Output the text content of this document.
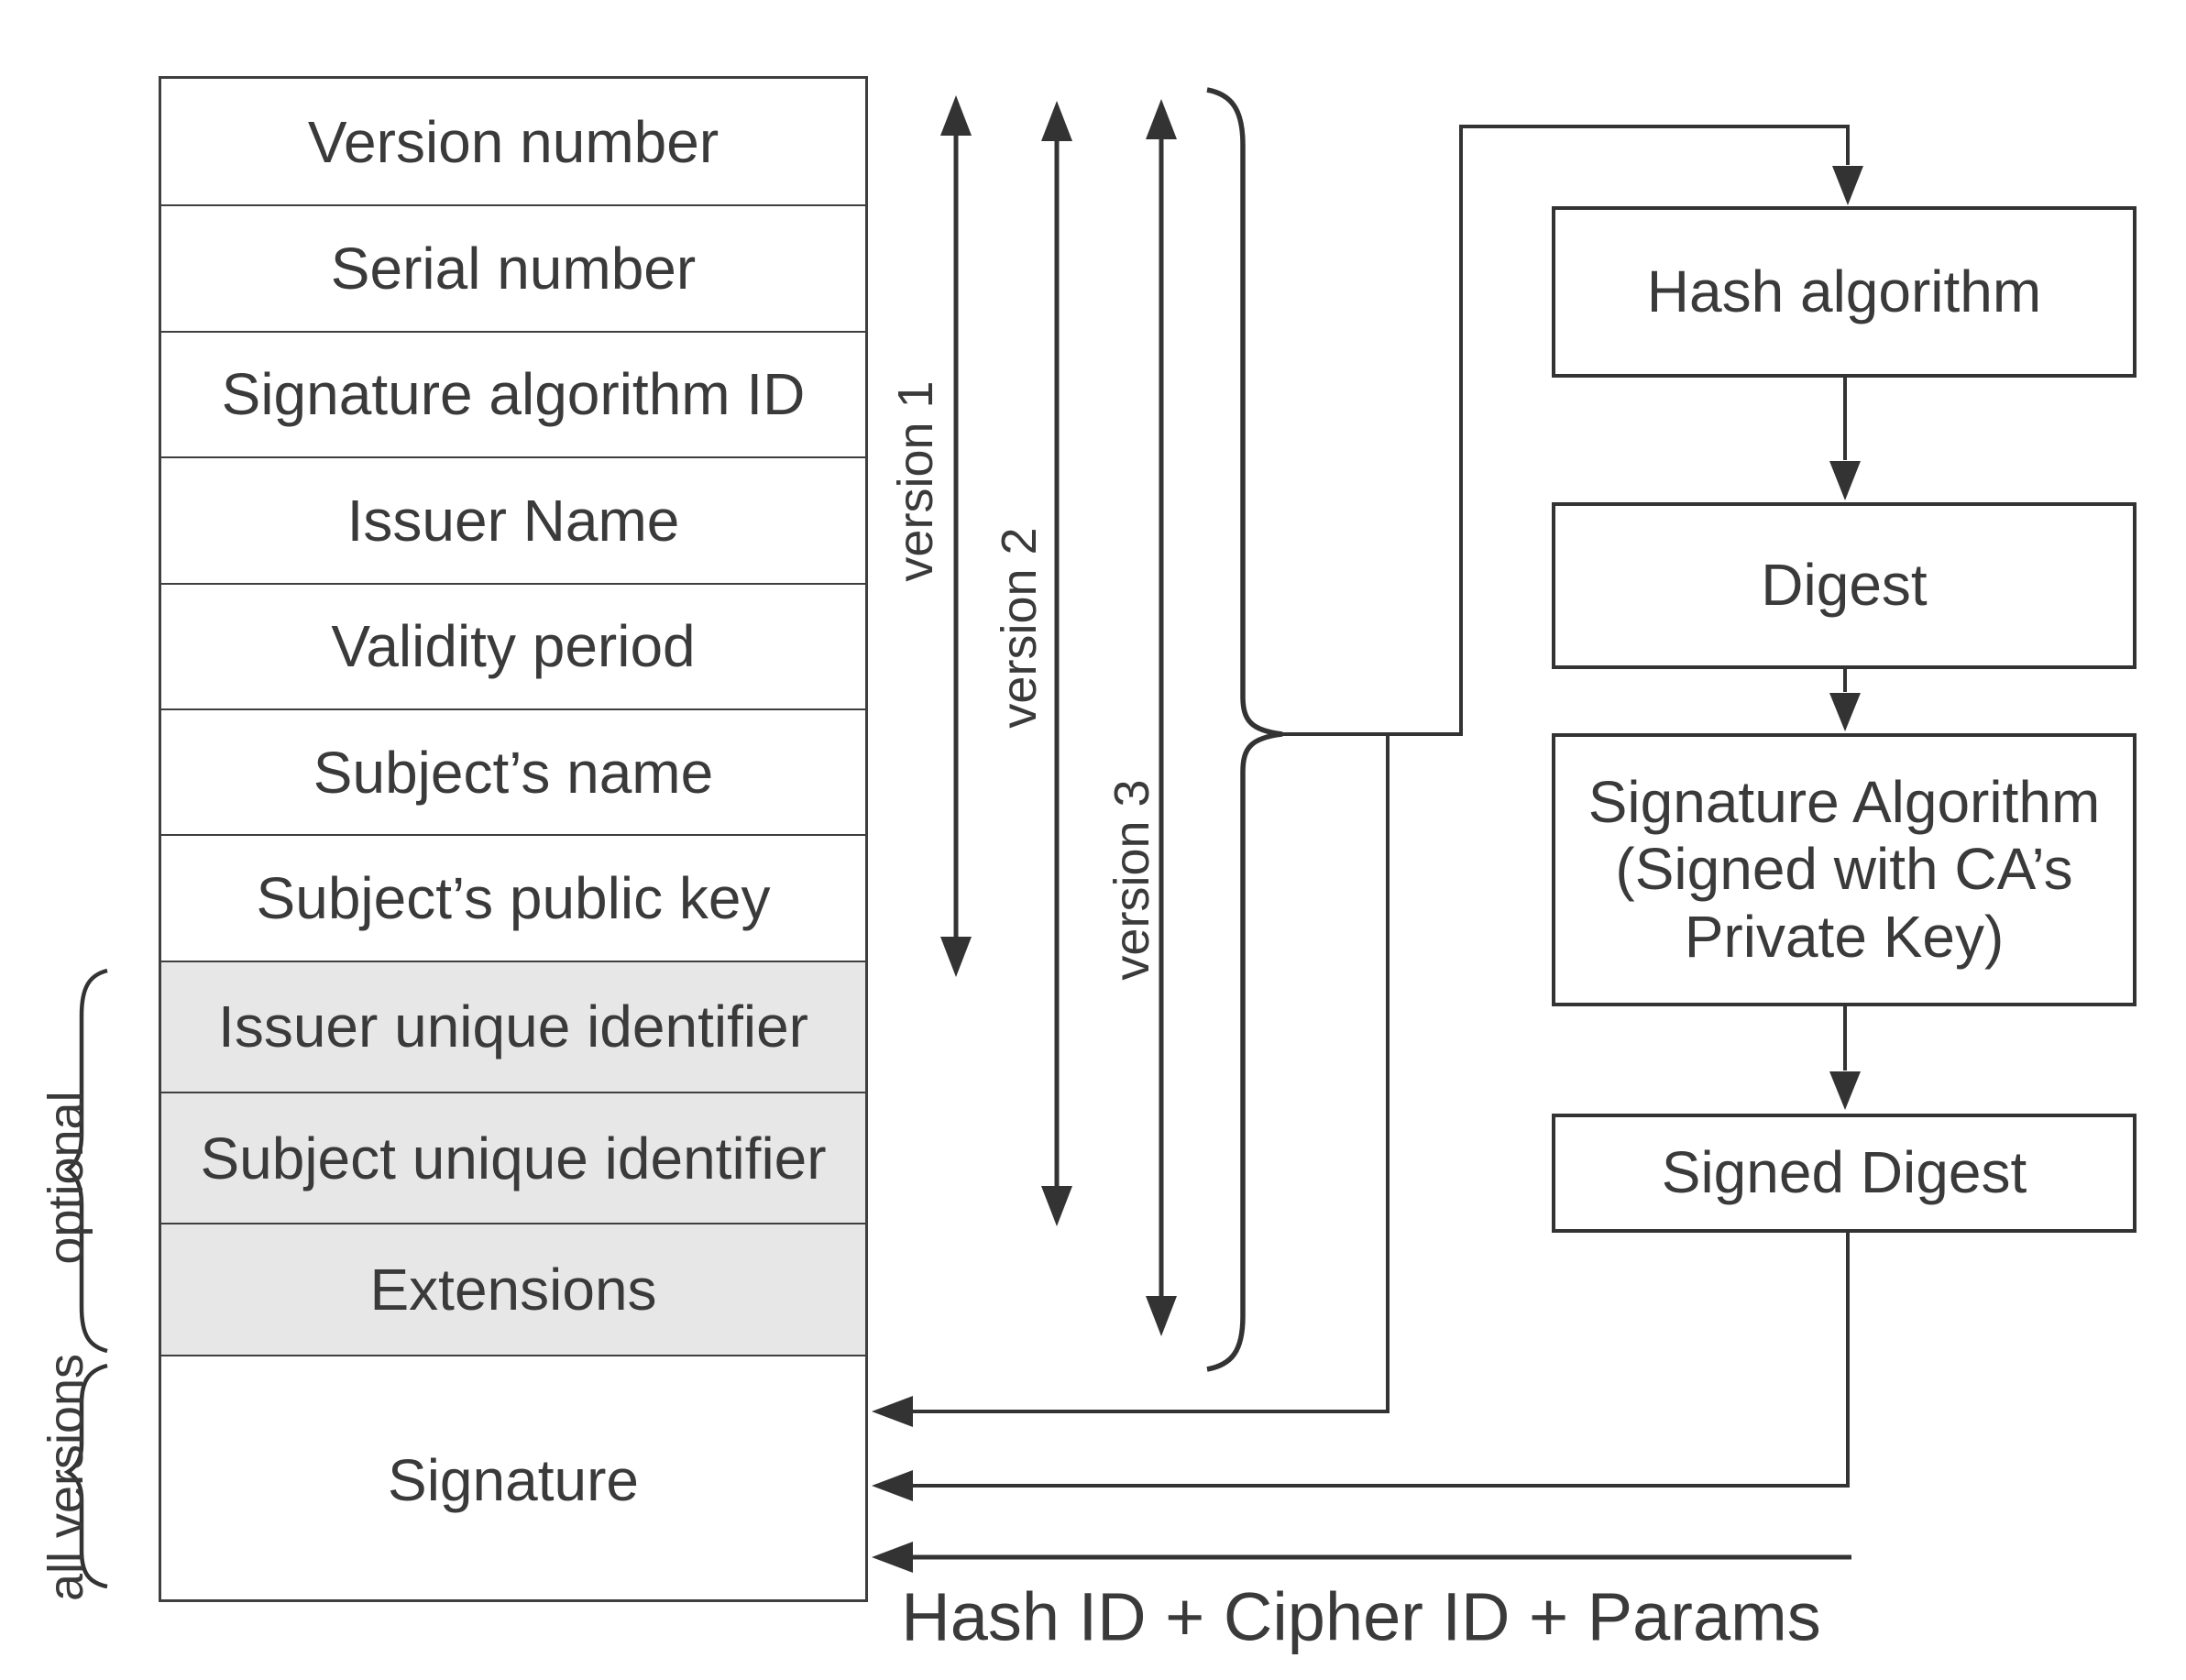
Version number
Serial number
Signature algorithm ID
Issuer Name
Validity period
Subject’s name
Subject’s public key
Issuer unique identifier
Subject unique identifier
Extensions
Signature
version 1
version 2
version 3
optional
all versions
Hash algorithm
Digest
Signature Algorithm (Signed with CA’s Private Key)
Signed Digest
Hash ID + Cipher ID + Params
